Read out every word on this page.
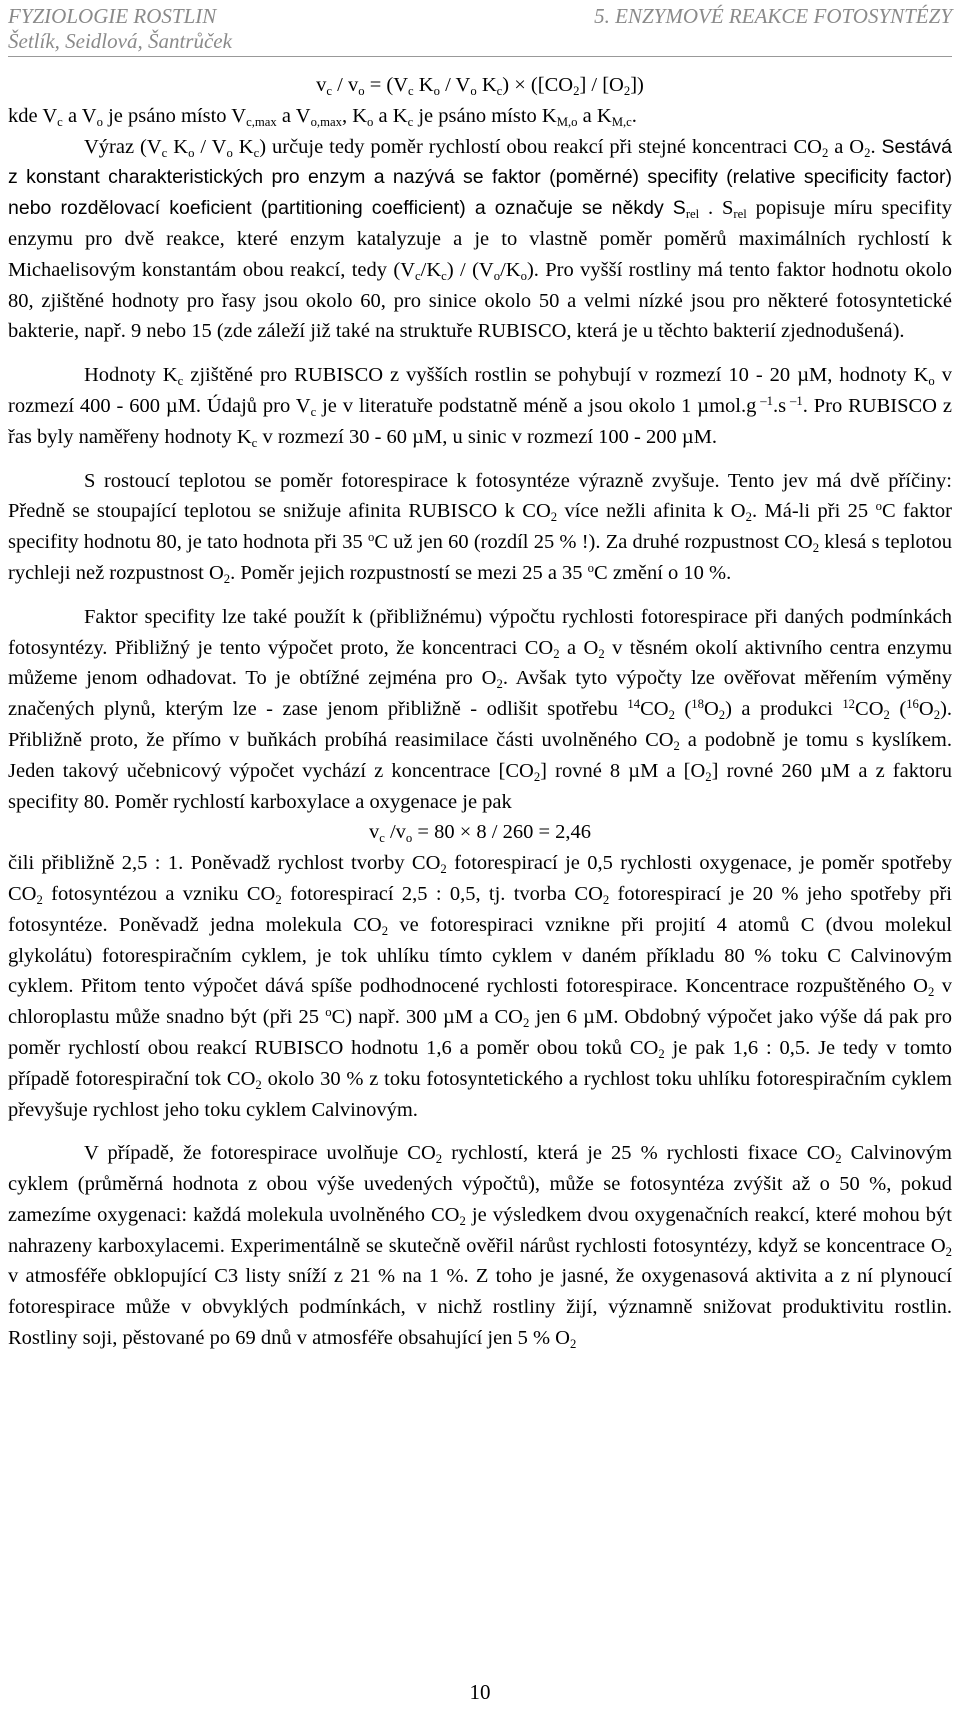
FYZIOLOGIE ROSTLIN
Šetlík, Seidlová, Šantrůček
5. ENZYMOVÉ REAKCE FOTOSYNTÉZY

$v_c / v_o = (V_c$ $K_o / V_o$ $K_c) \times ([CO_2] / [O_2])$

kde $V_c$ a $V_o$ je psáno místo $V_{c,max}$ a $V_{o,max}$, $K_o$ a $K_c$ je psáno místo $K_{M,o}$ a $K_{M,c}$.

Výraz ($V_c$ $K_o / V_o$ $K_c$) určuje tedy poměr rychlostí obou reakcí při stejné koncentraci $CO_2$ a $O_2$. Sestává z konstant charakteristických pro enzym a nazývá se faktor (poměrné) specifity (relative specificity factor) nebo rozdělovací koeficient (partitioning coefficient) a označuje se někdy $S_{rel}$ . $S_{rel}$ popisuje míru specifity enzymu pro dvě reakce, které enzym katalyzuje a je to vlastně poměr poměrů maximálních rychlostí k Michaelisovým konstantám obou reakcí, tedy $(V_c/K_c) / (V_o/K_o)$. Pro vyšší rostliny má tento faktor hodnotu okolo 80, zjištěné hodnoty pro řasy jsou okolo 60, pro sinice okolo 50 a velmi nízké jsou pro některé fotosyntetické bakterie, např. 9 nebo 15 (zde záleží již také na struktuře RUBISCO, která je u těchto bakterií zjednodušená).

Hodnoty $K_c$ zjištěné pro RUBISCO z vyšších rostlin se pohybují v rozmezí 10 - 20 µM, hodnoty $K_o$ v rozmezí 400 - 600 µM. Údajů pro $V_c$ je v literatuře podstatně méně a jsou okolo 1 µmol.g $^{-1}$.s $^{-1}$. Pro RUBISCO z řas byly naměřeny hodnoty $K_c$ v rozmezí 30 - 60 µM, u sinic v rozmezí 100 - 200 µM.

S rostoucí teplotou se poměr fotorespirace k fotosyntéze výrazně zvyšuje. Tento jev má dvě příčiny: Předně se stoupající teplotou se snižuje afinita RUBISCO k $CO_2$ více nežli afinita k $O_2$. Má-li při 25 $^o$C faktor specifity hodnotu 80, je tato hodnota při 35 $^o$C už jen 60 (rozdíl 25 % !). Za druhé rozpustnost $CO_2$ klesá s teplotou rychleji než rozpustnost $O_2$. Poměr jejich rozpustností se mezi 25 a 35 $^o$C změní o 10 %.

Faktor specifity lze také použít k (přibližnému) výpočtu rychlosti fotorespirace při daných podmínkách fotosyntézy. Přibližný je tento výpočet proto, že koncentraci $CO_2$ a $O_2$ v těsném okolí aktivního centra enzymu můžeme jenom odhadovat. To je obtížné zejména pro $O_2$. Avšak tyto výpočty lze ověřovat měřením výměny značených plynů, kterým lze - zase jenom přibližně - odlišit spotřebu $^{14}CO_2$ $(^{18}O_2)$ a produkci $^{12}CO_2$ $(^{16}O_2)$. Přibližně proto, že přímo v buňkách probíhá reasimilace části uvolněného $CO_2$ a podobně je tomu s kyslíkem. Jeden takový učebnicový výpočet vychází z koncentrace $[CO_2]$ rovné 8 µM a $[O_2]$ rovné 260 µM a z faktoru specifity 80. Poměr rychlostí karboxylace a oxygenace je pak

$v_c$ $/v_o = 80 \times 8 / 260 = 2,46$

čili přibližně 2,5 : 1. Poněvadž rychlost tvorby $CO_2$ fotorespirací je 0,5 rychlosti oxygenace, je poměr spotřeby $CO_2$ fotosyntézou a vzniku $CO_2$ fotorespirací 2,5 : 0,5, tj. tvorba $CO_2$ fotorespirací je 20 % jeho spotřeby při fotosyntéze. Poněvadž jedna molekula $CO_2$ ve fotorespiraci vznikne při projití 4 atomů C (dvou molekul glykolátu) fotorespiračním cyklem, je tok uhlíku tímto cyklem v daném příkladu 80 % toku C Calvinovým cyklem. Přitom tento výpočet dává spíše podhodnocené rychlosti fotorespirace. Koncentrace rozpuštěného $O_2$ v chloroplastu může snadno být (při 25 $^o$C) např. 300 µM a $CO_2$ jen 6 µM. Obdobný výpočet jako výše dá pak pro poměr rychlostí obou reakcí RUBISCO hodnotu 1,6 a poměr obou toků $CO_2$ je pak 1,6 : 0,5. Je tedy v tomto případě fotorespirační tok $CO_2$ okolo 30 % z toku fotosyntetického a rychlost toku uhlíku fotorespiračním cyklem převyšuje rychlost jeho toku cyklem Calvinovým.

V případě, že fotorespirace uvolňuje $CO_2$ rychlostí, která je 25 % rychlosti fixace $CO_2$ Calvinovým cyklem (průměrná hodnota z obou výše uvedených výpočtů), může se fotosyntéza zvýšit až o 50 %, pokud zamezíme oxygenaci: každá molekula uvolněného $CO_2$ je výsledkem dvou oxygenačních reakcí, které mohou být nahrazeny karboxylacemi. Experimentálně se skutečně ověřil nárůst rychlosti fotosyntézy, když se koncentrace $O_2$ v atmosféře obklopující C3 listy sníží z 21 % na 1 %. Z toho je jasné, že oxygenasová aktivita a z ní plynoucí fotorespirace může v obvyklých podmínkách, v nichž rostliny žijí, významně snižovat produktivitu rostlin. Rostliny soji, pěstované po 69 dnů v atmosféře obsahující jen 5 % $O_2$

10
